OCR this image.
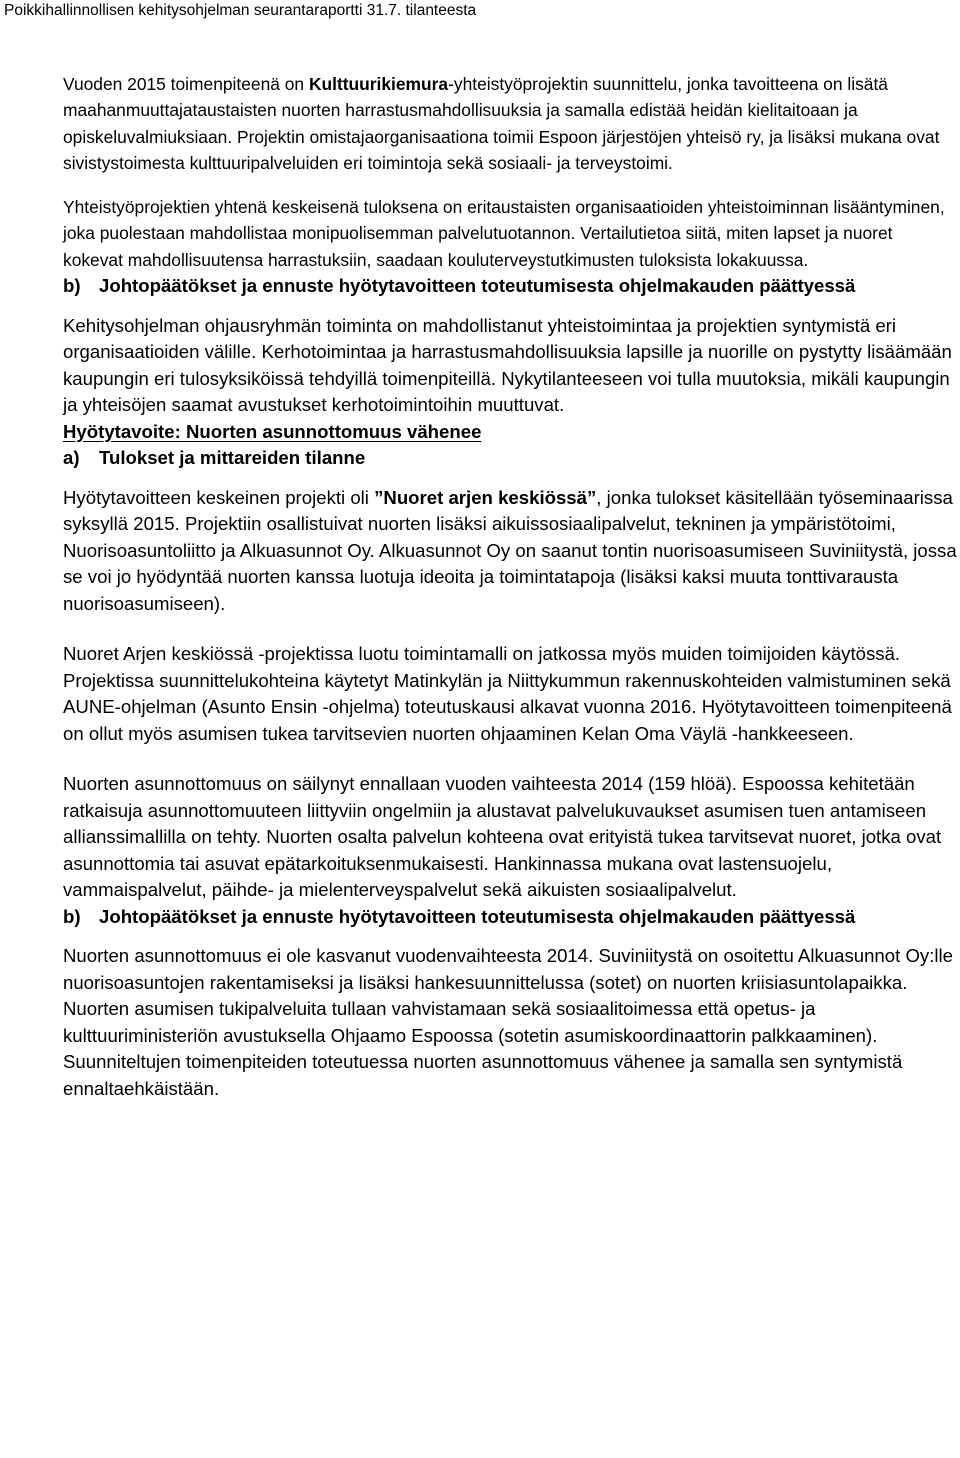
Poikkihallinnollisen kehitysohjelman seurantaraportti 31.7. tilanteesta

Vuoden 2015 toimenpiteenä on Kulttuurikiemura-yhteistyöprojektin suunnittelu, jonka tavoitteena on lisätä maahanmuuttajataustaisten nuorten harrastusmahdollisuuksia ja samalla edistää heidän kielitaitoaan ja opiskeluvalmiuksiaan. Projektin omistajaorganisaationa toimii Espoon järjestöjen yhteisö ry, ja lisäksi mukana ovat sivistystoimesta kulttuuripalveluiden eri toimintoja sekä sosiaali- ja terveystoimi.

Yhteistyöprojektien yhtenä keskeisenä tuloksena on eritaustaisten organisaatioiden yhteistoiminnan lisääntyminen, joka puolestaan mahdollistaa monipuolisemman palvelutuotannon. Vertailutietoa siitä, miten lapset ja nuoret kokevat mahdollisuutensa harrastuksiin, saadaan kouluterveystutkimusten tuloksista lokakuussa.

b) Johtopäätökset ja ennuste hyötytavoitteen toteutumisesta ohjelmakauden päättyessä

Kehitysohjelman ohjausryhmän toiminta on mahdollistanut yhteistoimintaa ja projektien syntymistä eri organisaatioiden välille. Kerhotoimintaa ja harrastusmahdollisuuksia lapsille ja nuorille on pystytty lisäämään kaupungin eri tulosyksiköissä tehdyillä toimenpiteillä. Nykytilanteeseen voi tulla muutoksia, mikäli kaupungin ja yhteisöjen saamat avustukset kerhotoimintoihin muuttuvat.

Hyötytavoite: Nuorten asunnottomuus vähenee

a)	Tulokset ja mittareiden tilanne

Hyötytavoitteen keskeinen projekti oli ”Nuoret arjen keskiössä”, jonka tulokset käsitellään työseminaarissa syksyllä 2015. Projektiin osallistuivat nuorten lisäksi aikuissosiaalipalvelut, tekninen ja ympäristötoimi, Nuorisoasuntoliitto ja Alkuasunnot Oy. Alkuasunnot Oy on saanut tontin nuorisoasumiseen Suviniitystä, jossa se voi jo hyödyntää nuorten kanssa luotuja ideoita ja toimintatapoja (lisäksi kaksi muuta tonttivarausta nuorisoasumiseen).

Nuoret Arjen keskiössä -projektissa luotu toimintamalli on jatkossa myös muiden toimijoiden käytössä. Projektissa suunnittelukohteina käytetyt Matinkylän ja Niittykummun rakennuskohteiden valmistuminen sekä AUNE-ohjelman (Asunto Ensin -ohjelma) toteutuskausi alkavat vuonna 2016. Hyötytavoitteen toimenpiteenä on ollut myös asumisen tukea tarvitsevien nuorten ohjaaminen Kelan Oma Väylä -hankkeeseen.

Nuorten asunnottomuus on säilynyt ennallaan vuoden vaihteesta 2014 (159 hlöä). Espoossa kehitetään ratkaisuja asunnottomuuteen liittyviin ongelmiin ja alustavat palvelukuvaukset asumisen tuen antamiseen allianssimallilla on tehty. Nuorten osalta palvelun kohteena ovat erityistä tukea tarvitsevat nuoret, jotka ovat asunnottomia tai asuvat epätarkoituksenmukaisesti. Hankinnassa mukana ovat lastensuojelu, vammaispalvelut, päihde- ja mielenterveyspalvelut sekä aikuisten sosiaalipalvelut.

b) Johtopäätökset ja ennuste hyötytavoitteen toteutumisesta ohjelmakauden päättyessä

Nuorten asunnottomuus ei ole kasvanut vuodenvaihteesta 2014. Suviniitystä on osoitettu Alkuasunnot Oy:lle nuorisoasuntojen rakentamiseksi ja lisäksi hankesuunnittelussa (sotet) on nuorten kriisiasuntolapaikka. Nuorten asumisen tukipalveluita tullaan vahvistamaan sekä sosiaalitoimessa että opetus- ja kulttuuriministeriön avustuksella Ohjaamo Espoossa (sotetin asumiskoordinaattorin palkkaaminen). Suunniteltujen toimenpiteiden toteutuessa nuorten asunnottomuus vähenee ja samalla sen syntymistä ennaltaehkäistään.
